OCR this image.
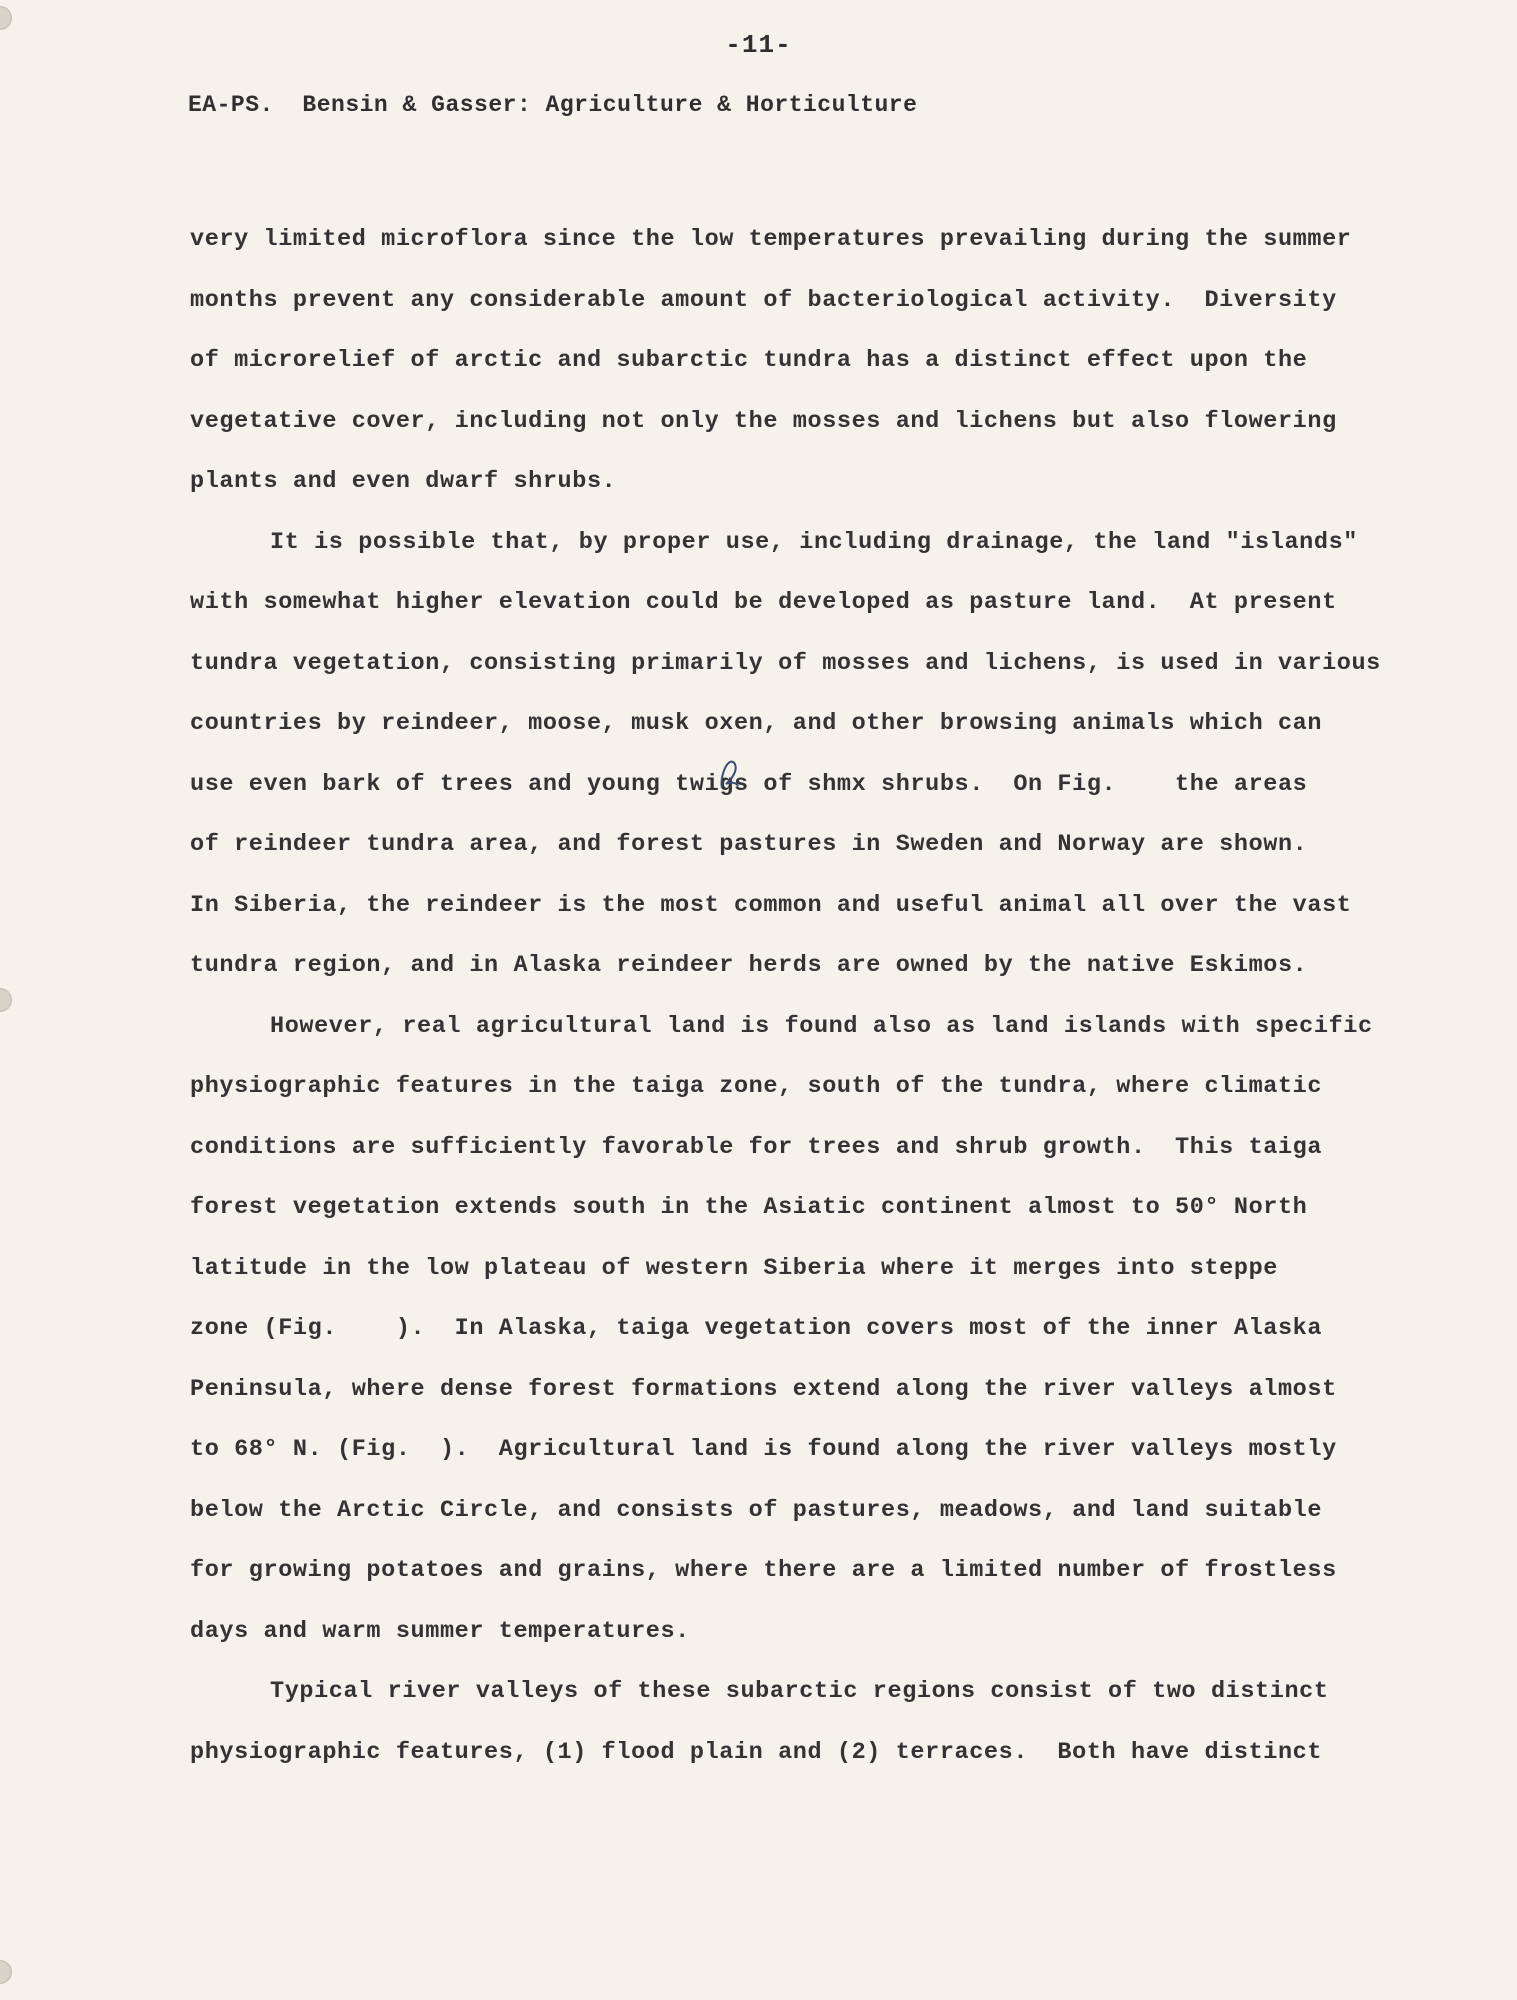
-11-
EA-PS.  Bensin & Gasser: Agriculture & Horticulture
very limited microflora since the low temperatures prevailing during the summer
months prevent any considerable amount of bacteriological activity.  Diversity
of microrelief of arctic and subarctic tundra has a distinct effect upon the
vegetative cover, including not only the mosses and lichens but also flowering
plants and even dwarf shrubs.
It is possible that, by proper use, including drainage, the land "islands"
with somewhat higher elevation could be developed as pasture land.  At present
tundra vegetation, consisting primarily of mosses and lichens, is used in various
countries by reindeer, moose, musk oxen, and other browsing animals which can
use even bark of trees and young twigs of shmx shrubs.  On Fig.    the areas
of reindeer tundra area, and forest pastures in Sweden and Norway are shown.
In Siberia, the reindeer is the most common and useful animal all over the vast
tundra region, and in Alaska reindeer herds are owned by the native Eskimos.
However, real agricultural land is found also as land islands with specific
physiographic features in the taiga zone, south of the tundra, where climatic
conditions are sufficiently favorable for trees and shrub growth.  This taiga
forest vegetation extends south in the Asiatic continent almost to 50° North
latitude in the low plateau of western Siberia where it merges into steppe
zone (Fig.    ).  In Alaska, taiga vegetation covers most of the inner Alaska
Peninsula, where dense forest formations extend along the river valleys almost
to 68° N. (Fig.  ).  Agricultural land is found along the river valleys mostly
below the Arctic Circle, and consists of pastures, meadows, and land suitable
for growing potatoes and grains, where there are a limited number of frostless
days and warm summer temperatures.
Typical river valleys of these subarctic regions consist of two distinct
physiographic features, (1) flood plain and (2) terraces.  Both have distinct
